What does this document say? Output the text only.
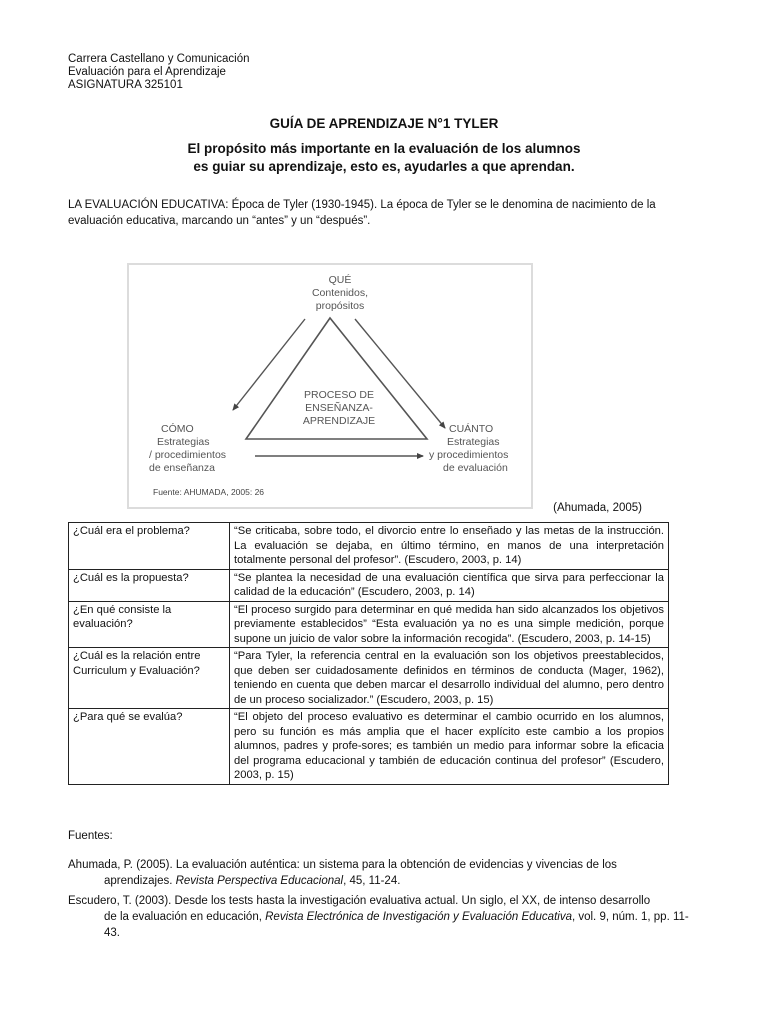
Carrera Castellano y Comunicación
Evaluación para el Aprendizaje
ASIGNATURA 325101
GUÍA DE APRENDIZAJE N°1 TYLER
El propósito más importante en la evaluación de los alumnos
es guiar su aprendizaje, esto es, ayudarles a que aprendan.
LA EVALUACIÓN EDUCATIVA: Época de Tyler (1930-1945). La época de Tyler se le denomina de nacimiento de la evaluación educativa, marcando un “antes” y un “después”.
QUÉ
Contenidos,
propósitos
PROCESO DE
ENSEÑANZA-
APRENDIZAJE
CÓMO
Estrategias
/ procedimientos
de enseñanza
CUÁNTO
Estrategias
y procedimientos
de evaluación
Fuente: AHUMADA, 2005: 26
(Ahumada, 2005)
¿Cuál era el problema?	“Se criticaba, sobre todo, el divorcio entre lo enseñado y las metas de la instrucción. La evaluación se dejaba, en último término, en manos de una interpretación totalmente personal del profesor”. (Escudero, 2003, p. 14)
¿Cuál es la propuesta?	“Se plantea la necesidad de una evaluación científica que sirva para perfeccionar la calidad de la educación” (Escudero, 2003, p. 14)
¿En qué consiste la evaluación?	“El proceso surgido para determinar en qué medida han sido alcanzados los objetivos previamente establecidos” “Esta evaluación ya no es una simple medición, porque supone un juicio de valor sobre la información recogida”. (Escudero, 2003, p. 14-15)
¿Cuál es la relación entre Curriculum y Evaluación?	“Para Tyler, la referencia central en la evaluación son los objetivos preestablecidos, que deben ser cuidadosamente definidos en términos de conducta (Mager, 1962), teniendo en cuenta que deben marcar el desarrollo individual del alumno, pero dentro de un proceso socializador.” (Escudero, 2003, p. 15)
¿Para qué se evalúa?	“El objeto del proceso evaluativo es determinar el cambio ocurrido en los alumnos, pero su función es más amplia que el hacer explícito este cambio a los propios alumnos, padres y profe-sores; es también un medio para informar sobre la eficacia del programa educacional y también de educación continua del profesor” (Escudero, 2003, p. 15)
Fuentes:
Ahumada, P. (2005). La evaluación auténtica: un sistema para la obtención de evidencias y vivencias de los
aprendizajes. Revista Perspectiva Educacional, 45, 11-24.
Escudero, T. (2003). Desde los tests hasta la investigación evaluativa actual. Un siglo, el XX, de intenso desarrollo
de la evaluación en educación, Revista Electrónica de Investigación y Evaluación Educativa, vol. 9, núm. 1, pp. 11-43.
